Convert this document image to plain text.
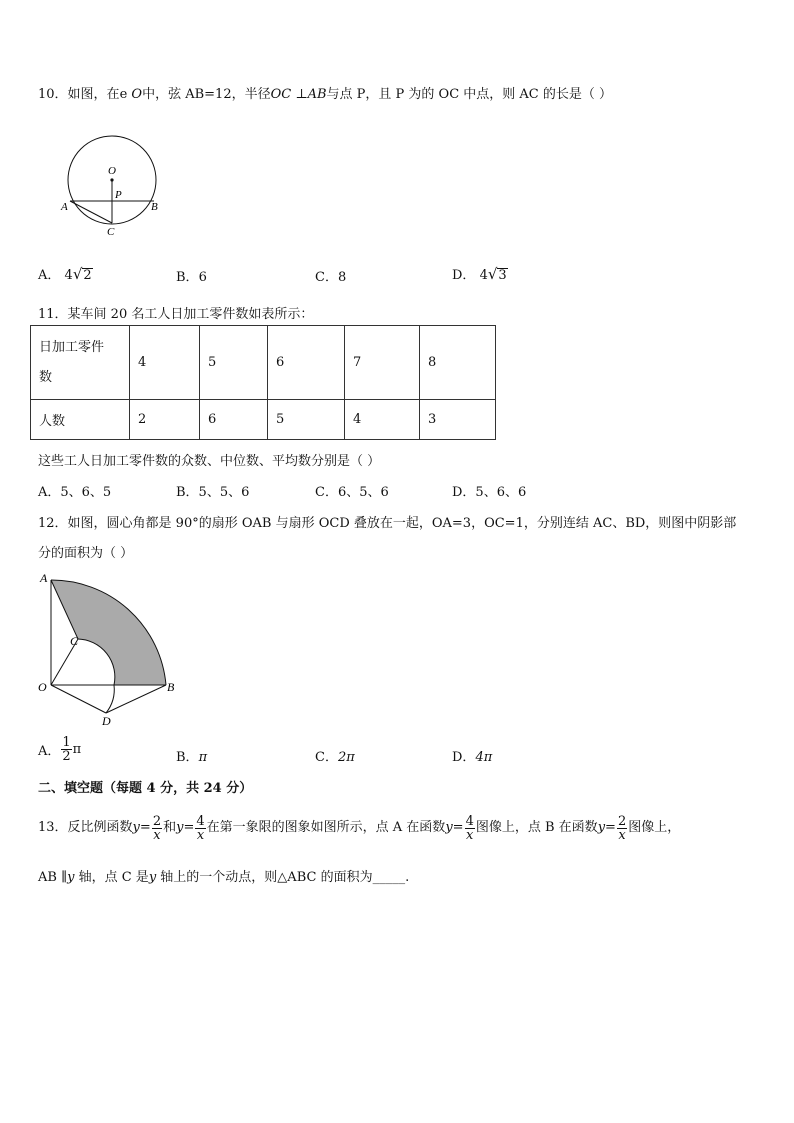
10．如图，在e O中，弦 AB=12，半径OC ⊥AB与点 P，且 P 为的 OC 中点，则 AC 的长是（ ）
O
P
A	B
C
A． 4√2	B．6	C．8	D． 4√3
11．某车间 20 名工人日加工零件数如表所示：
日加工零件
数	4	5	6	7	8
人数	2	6	5	4	3
这些工人日加工零件数的众数、中位数、平均数分别是（ ）
A．5、6、5	B．5、5、6	C．6、5、6	D．5、6、6
12．如图，圆心角都是 90°的扇形 OAB 与扇形 OCD 叠放在一起，OA=3，OC=1，分别连结 AC、BD，则图中阴影部
分的面积为（ ）
A
C
O	B
D
A． $\frac{1}{2}$ π
B．π	C．2π	D．4π
二、填空题（每题 4 分，共 24 分）
13．反比例函数$y= \frac{2}{x}$ 和$y= \frac{4}{x}$ 在第一象限的图象如图所示，点 A 在函数$y= \frac{4}{x}$ 图像上，点 B 在函数$y= \frac{2}{x}$ 图像上，
AB ∥y 轴，点 C 是y 轴上的一个动点，则△ABC 的面积为_____.
